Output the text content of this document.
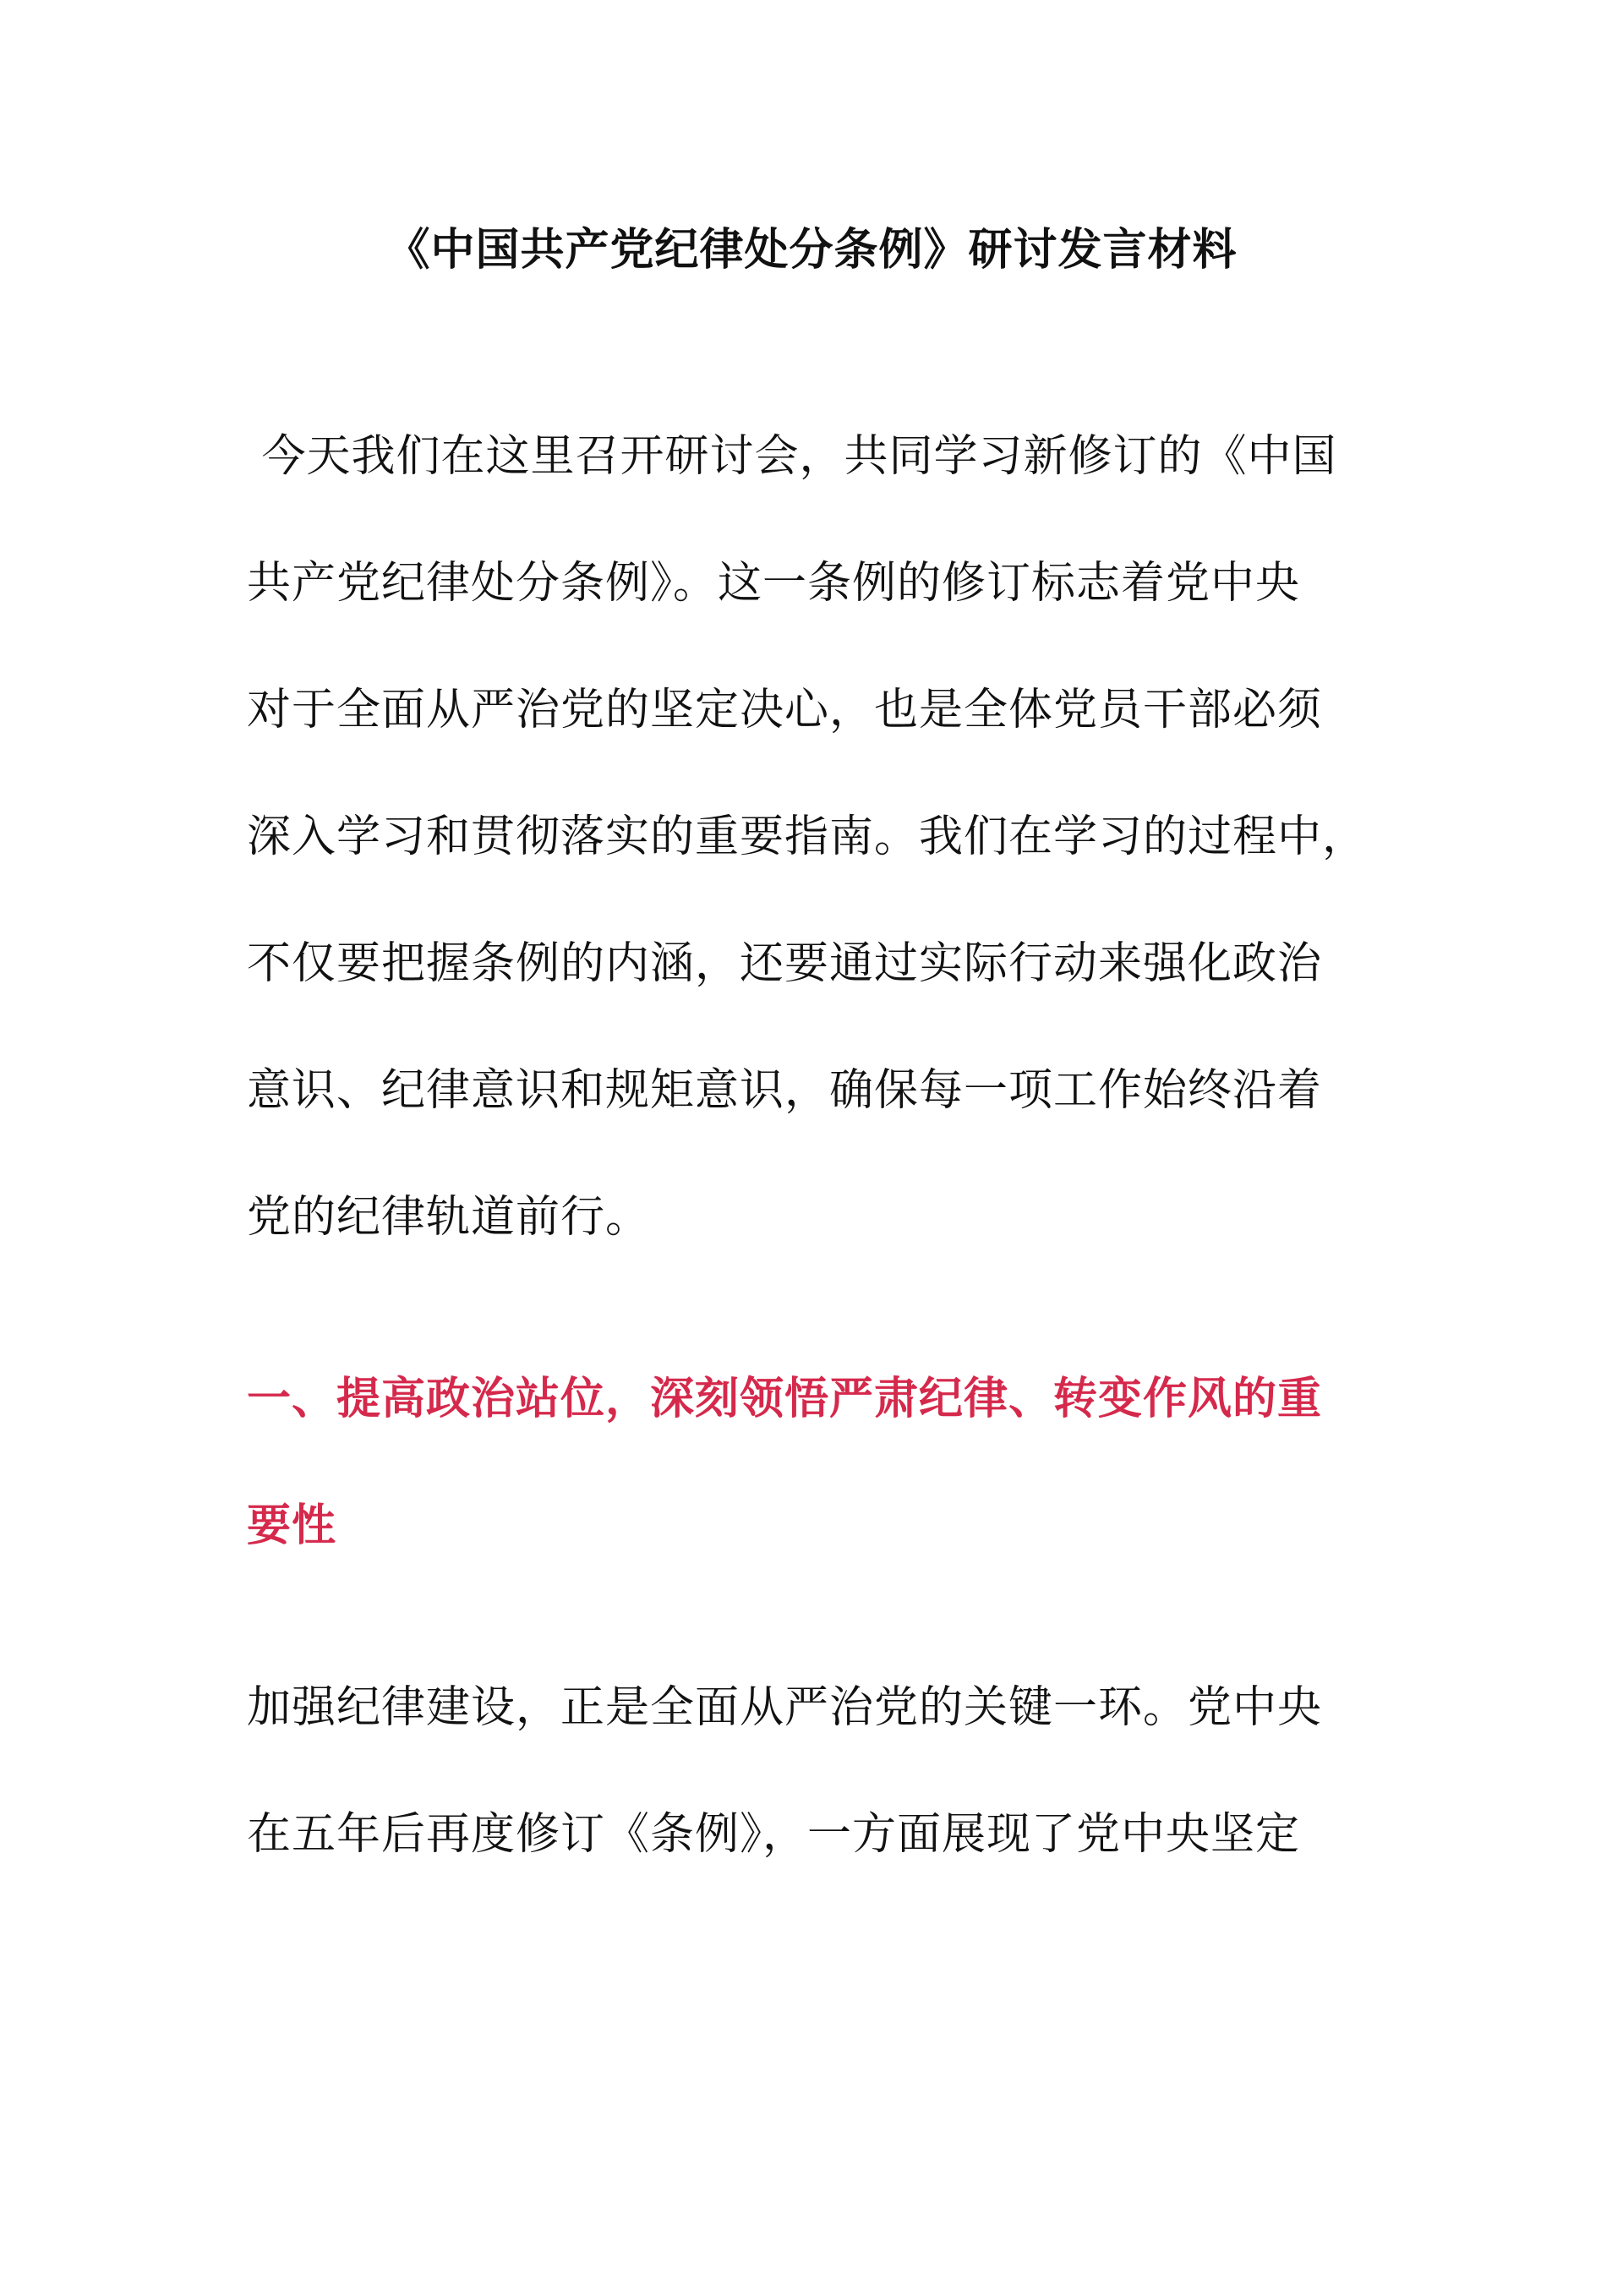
《中国共产党纪律处分条例》研讨发言材料

今天我们在这里召开研讨会，共同学习新修订的《中国

共产党纪律处分条例》。这一条例的修订标志着党中央

对于全面从严治党的坚定决心，也是全体党员干部必须

深入学习和贯彻落实的重要指南。我们在学习的过程中，

不仅要把握条例的内涵，还要通过实际行动来强化政治

意识、纪律意识和规矩意识，确保每一项工作始终沿着

党的纪律轨道前行。

一、提高政治站位，深刻领悟严肃纪律、转变作风的重

要性

加强纪律建设，正是全面从严治党的关键一环。党中央

在五年后再度修订《条例》，一方面展现了党中央坚定
